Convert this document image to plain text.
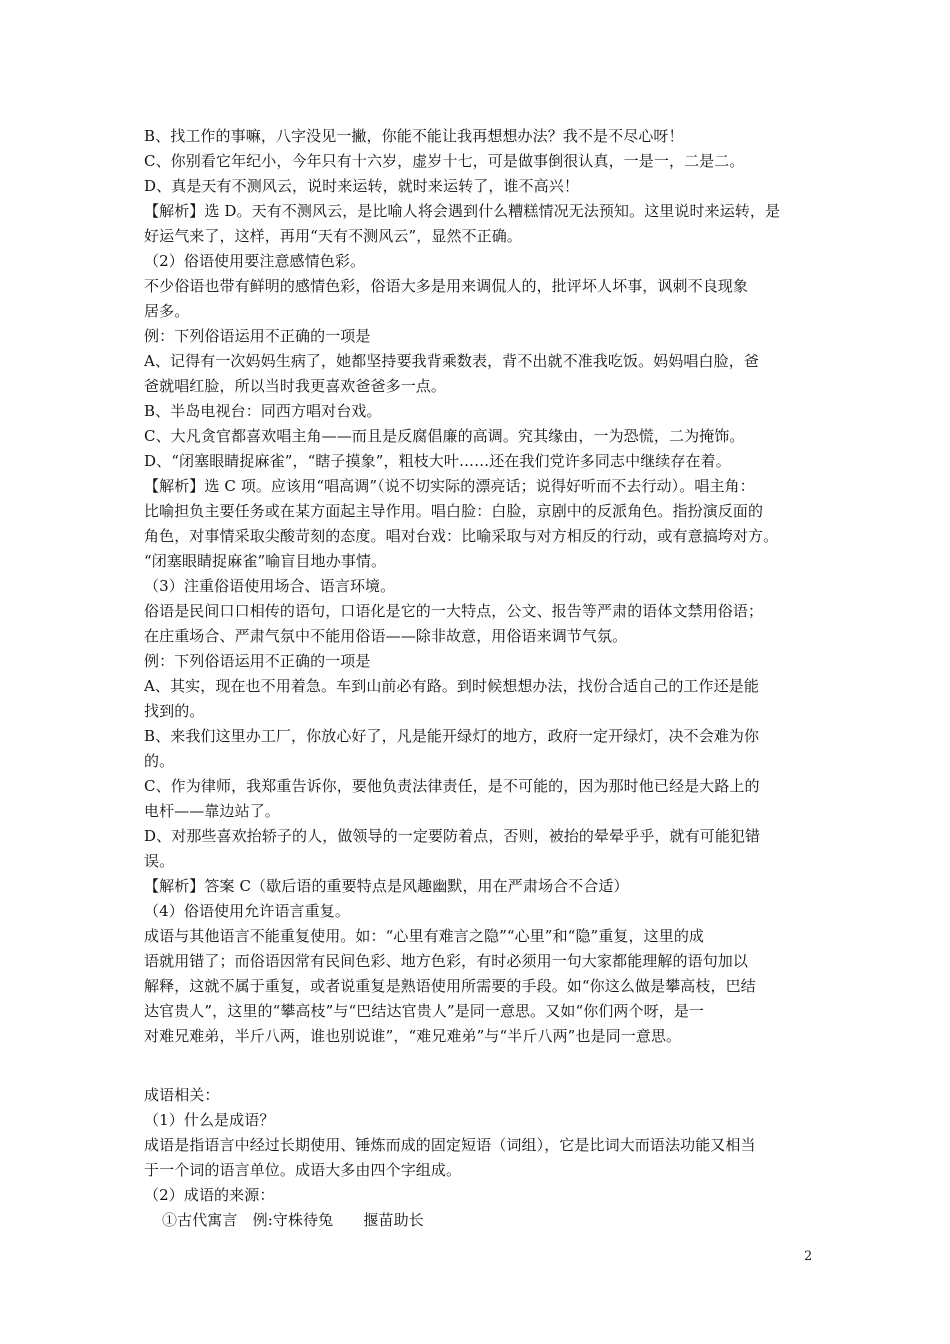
B、找工作的事嘛，八字没见一撇，你能不能让我再想想办法？我不是不尽心呀！
C、你别看它年纪小，今年只有十六岁，虚岁十七，可是做事倒很认真，一是一，二是二。
D、真是天有不测风云，说时来运转，就时来运转了，谁不高兴！
【解析】选 D。天有不测风云，是比喻人将会遇到什么糟糕情况无法预知。这里说时来运转，是
好运气来了，这样，再用“天有不测风云”，显然不正确。
（2）俗语使用要注意感情色彩。
不少俗语也带有鲜明的感情色彩，俗语大多是用来调侃人的，批评坏人坏事，讽刺不良现象
居多。
例：下列俗语运用不正确的一项是
A、记得有一次妈妈生病了，她都坚持要我背乘数表，背不出就不准我吃饭。妈妈唱白脸，爸
爸就唱红脸，所以当时我更喜欢爸爸多一点。
B、半岛电视台：同西方唱对台戏。
C、大凡贪官都喜欢唱主角——而且是反腐倡廉的高调。究其缘由，一为恐慌，二为掩饰。
D、“闭塞眼睛捉麻雀”，“瞎子摸象”，粗枝大叶……还在我们党许多同志中继续存在着。
【解析】选 C 项。应该用“唱高调”（说不切实际的漂亮话；说得好听而不去行动）。唱主角：
比喻担负主要任务或在某方面起主导作用。唱白脸：白脸，京剧中的反派角色。指扮演反面的
角色，对事情采取尖酸苛刻的态度。唱对台戏：比喻采取与对方相反的行动，或有意搞垮对方。
“闭塞眼睛捉麻雀”喻盲目地办事情。
（3）注重俗语使用场合、语言环境。
俗语是民间口口相传的语句，口语化是它的一大特点，公文、报告等严肃的语体文禁用俗语；
在庄重场合、严肃气氛中不能用俗语——除非故意，用俗语来调节气氛。
例：下列俗语运用不正确的一项是
A、其实，现在也不用着急。车到山前必有路。到时候想想办法，找份合适自己的工作还是能
找到的。
B、来我们这里办工厂，你放心好了，凡是能开绿灯的地方，政府一定开绿灯，决不会难为你
的。
C、作为律师，我郑重告诉你，要他负责法律责任，是不可能的，因为那时他已经是大路上的
电杆——靠边站了。
D、对那些喜欢抬轿子的人，做领导的一定要防着点，否则，被抬的晕晕乎乎，就有可能犯错
误。
【解析】答案 C（歇后语的重要特点是风趣幽默，用在严肃场合不合适）
（4）俗语使用允许语言重复。
成语与其他语言不能重复使用。如：“心里有难言之隐”“心里”和“隐”重复，这里的成
语就用错了；而俗语因常有民间色彩、地方色彩，有时必须用一句大家都能理解的语句加以
解释，这就不属于重复，或者说重复是熟语使用所需要的手段。如“你这么做是攀高枝，巴结
达官贵人”，这里的“攀高枝”与“巴结达官贵人”是同一意思。又如“你们两个呀，是一
对难兄难弟，半斤八两，谁也别说谁”，“难兄难弟”与“半斤八两”也是同一意思。
成语相关：
（1）什么是成语？
成语是指语言中经过长期使用、锤炼而成的固定短语（词组），它是比词大而语法功能又相当
于一个词的语言单位。成语大多由四个字组成。
（2）成语的来源：
①古代寓言　例:守株待兔　　揠苗助长
2
